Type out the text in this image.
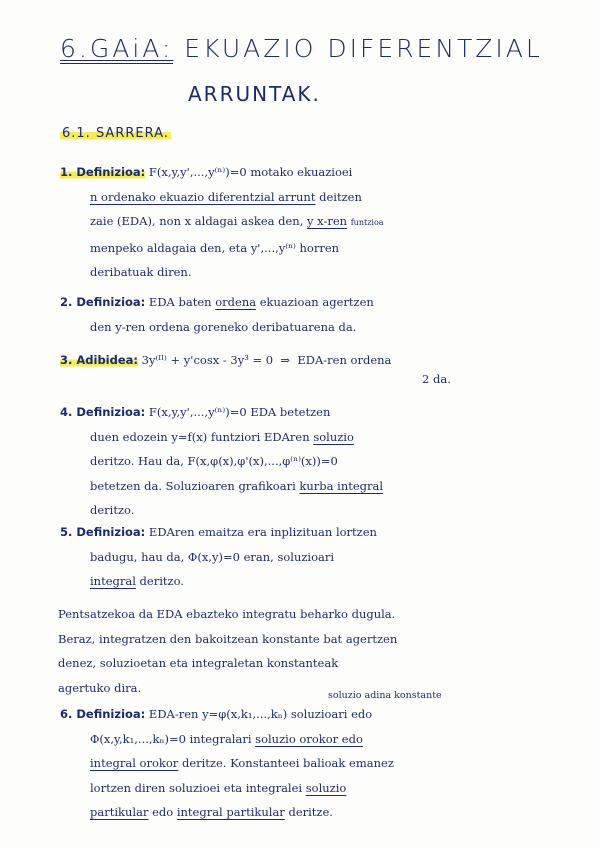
6.GAiA: EKUAZIO DIFERENTZIAL
ARRUNTAK.
6.1. SARRERA.
1. Definizioa: F(x,y,y',...,y⁽ⁿ⁾)=0 motako ekuazioei
n ordenako ekuazio diferentzial arrunt deitzen
zaie (EDA), non x aldagai askea den, y x-ren funtzioa
menpeko aldagaia den, eta y',...,y⁽ⁿ⁾ horren
deribatuak diren.
2. Definizioa: EDA baten ordena ekuazioan agertzen
den y-ren ordena goreneko deribatuarena da.
3. Adibidea: 3y⁽ᴵᴵ⁾ + y'cosx - 3y³ = 0 ⇒ EDA-ren ordena
2 da.
4. Definizioa: F(x,y,y',...,y⁽ⁿ⁾)=0 EDA betetzen
duen edozein y=f(x) funtziori EDAren soluzio
deritzo. Hau da, F(x,φ(x),φ'(x),...,φ⁽ⁿ⁾(x))=0
betetzen da. Soluzioaren grafikoari kurba integral
deritzo.
5. Definizioa: EDAren emaitza era inplizituan lortzen
badugu, hau da, Φ(x,y)=0 eran, soluzioari
integral deritzo.
Pentsatzekoa da EDA ebazteko integratu beharko dugula.
Beraz, integratzen den bakoitzean konstante bat agertzen
denez, soluzioetan eta integraletan konstanteak
agertuko dira.
soluzio adina konstante
6. Definizioa: EDA-ren y=φ(x,k₁,...,kₙ) soluzioari edo
Φ(x,y,k₁,...,kₙ)=0 integralari soluzio orokor edo
integral orokor deritze. Konstanteei balioak emanez
lortzen diren soluzioei eta integralei soluzio
partikular edo integral partikular deritze.
